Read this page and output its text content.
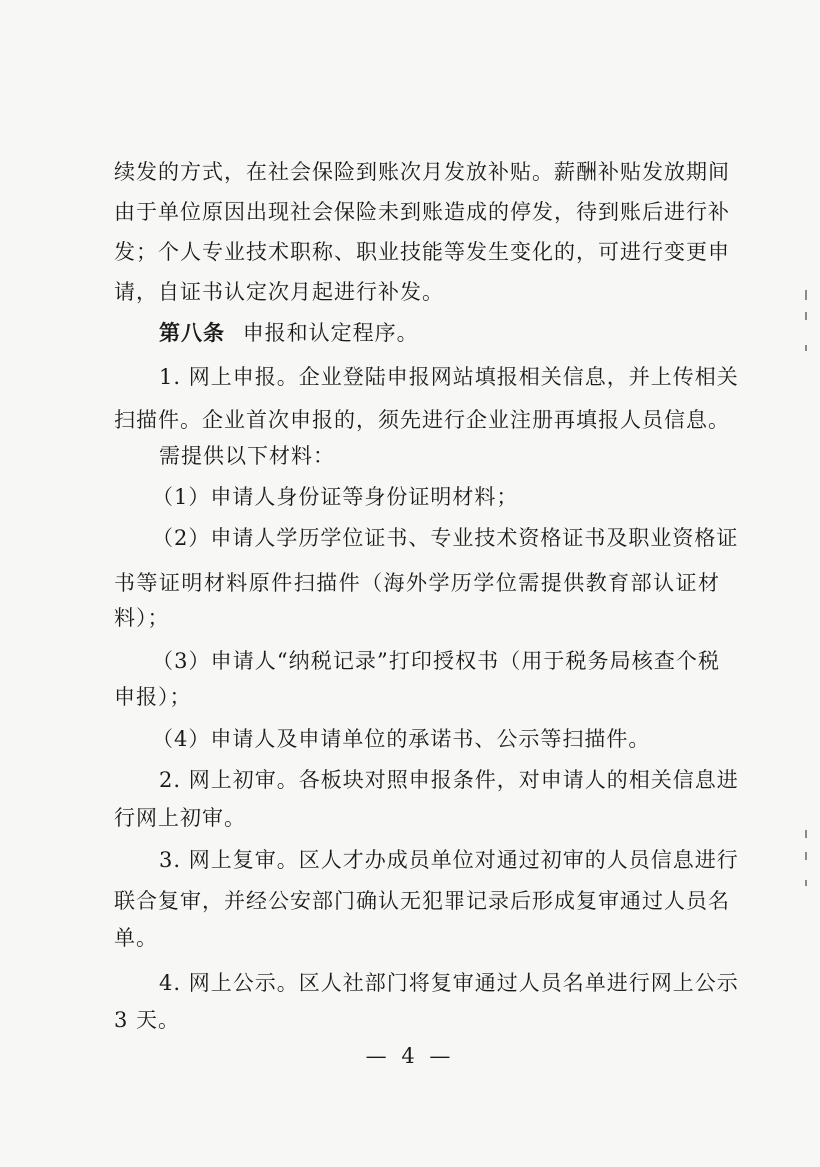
续发的方式，在社会保险到账次月发放补贴。薪酬补贴发放期间
由于单位原因出现社会保险未到账造成的停发，待到账后进行补
发；个人专业技术职称、职业技能等发生变化的，可进行变更申
请，自证书认定次月起进行补发。
第八条 申报和认定程序。
1. 网上申报。企业登陆申报网站填报相关信息，并上传相关
扫描件。企业首次申报的，须先进行企业注册再填报人员信息。
需提供以下材料：
（1）申请人身份证等身份证明材料；
（2）申请人学历学位证书、专业技术资格证书及职业资格证
书等证明材料原件扫描件（海外学历学位需提供教育部认证材
料）；
（3）申请人“纳税记录”打印授权书（用于税务局核查个税
申报）；
（4）申请人及申请单位的承诺书、公示等扫描件。
2. 网上初审。各板块对照申报条件，对申请人的相关信息进
行网上初审。
3. 网上复审。区人才办成员单位对通过初审的人员信息进行
联合复审，并经公安部门确认无犯罪记录后形成复审通过人员名
单。
4. 网上公示。区人社部门将复审通过人员名单进行网上公示
3 天。
— 4 —
